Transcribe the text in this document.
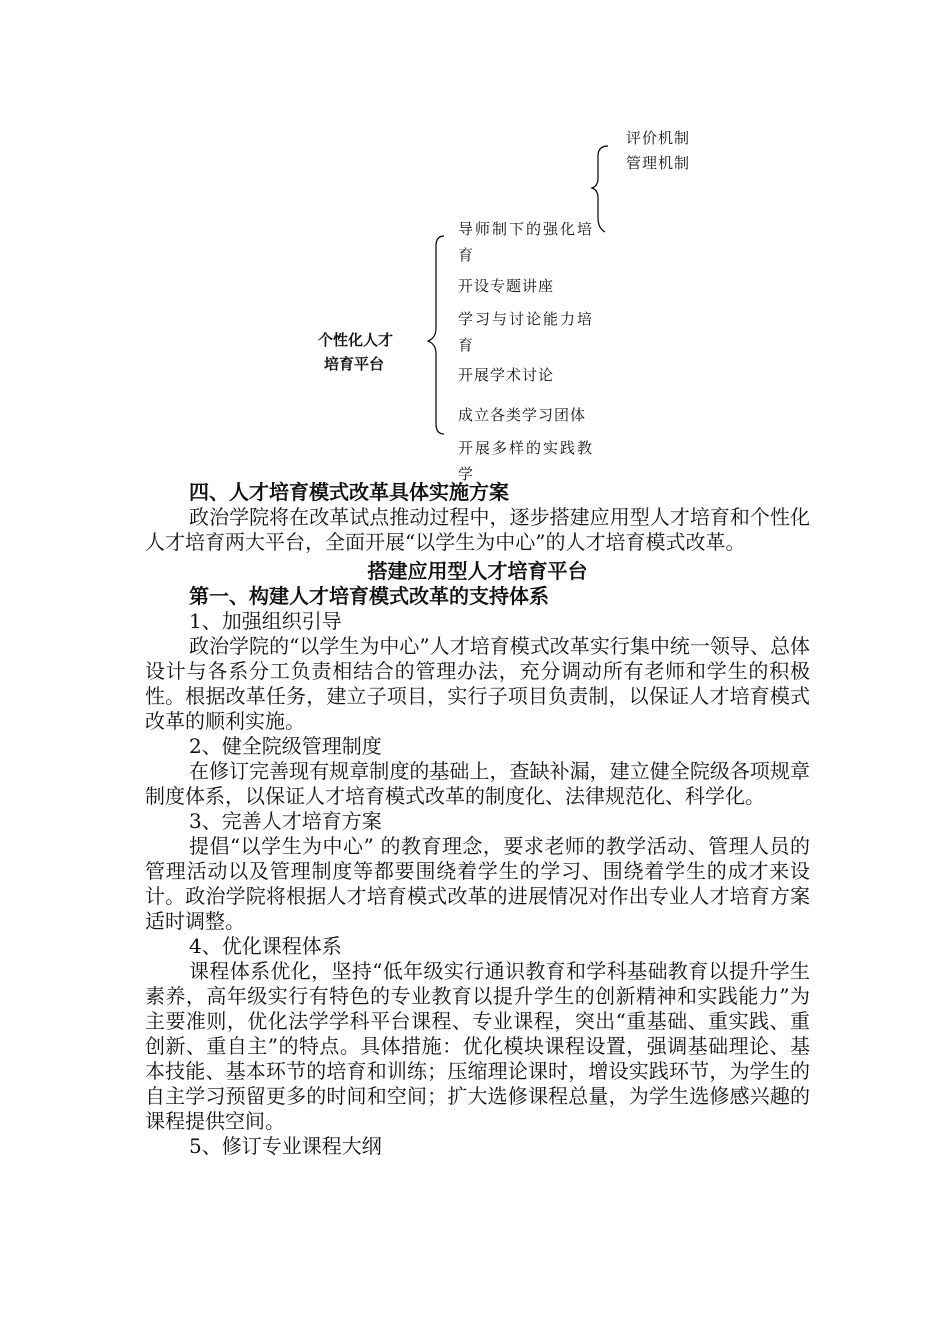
评价机制
管理机制
个性化人才
培育平台
导师制下的强化培育
开设专题讲座
学习与讨论能力培育
开展学术讨论
成立各类学习团体
开展多样的实践教学

四、人才培育模式改革具体实施方案

政治学院将在改革试点推动过程中，逐步搭建应用型人才培育和个性化人才培育两大平台，全面开展“以学生为中心”的人才培育模式改革。

搭建应用型人才培育平台

第一、构建人才培育模式改革的支持体系

1、加强组织引导

政治学院的“以学生为中心”人才培育模式改革实行集中统一领导、总体设计与各系分工负责相结合的管理办法，充分调动所有老师和学生的积极性。根据改革任务，建立子项目，实行子项目负责制，以保证人才培育模式改革的顺利实施。

2、健全院级管理制度

在修订完善现有规章制度的基础上，查缺补漏，建立健全院级各项规章制度体系，以保证人才培育模式改革的制度化、法律规范化、科学化。

3、完善人才培育方案

提倡“以学生为中心” 的教育理念，要求老师的教学活动、管理人员的管理活动以及管理制度等都要围绕着学生的学习、围绕着学生的成才来设计。政治学院将根据人才培育模式改革的进展情况对作出专业人才培育方案适时调整。

4、优化课程体系

课程体系优化，坚持“低年级实行通识教育和学科基础教育以提升学生素养，高年级实行有特色的专业教育以提升学生的创新精神和实践能力”为主要准则，优化法学学科平台课程、专业课程，突出“重基础、重实践、重创新、重自主”的特点。具体措施：优化模块课程设置，强调基础理论、基本技能、基本环节的培育和训练；压缩理论课时，增设实践环节，为学生的自主学习预留更多的时间和空间；扩大选修课程总量，为学生选修感兴趣的课程提供空间。

5、修订专业课程大纲
